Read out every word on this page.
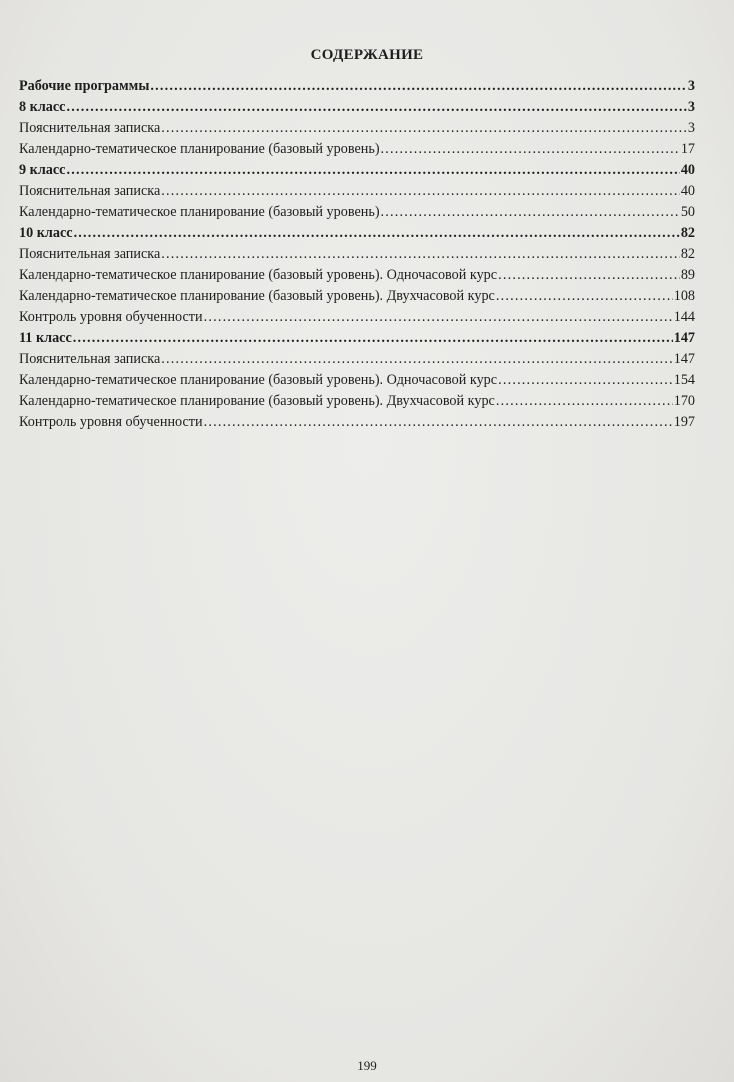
СОДЕРЖАНИЕ
Рабочие программы .....	3
8 класс .....	3
Пояснительная записка .....	3
Календарно-тематическое планирование (базовый уровень) .....	17
9 класс .....	40
Пояснительная записка .....	40
Календарно-тематическое планирование (базовый уровень) .....	50
10 класс .....	82
Пояснительная записка .....	82
Календарно-тематическое планирование (базовый уровень). Одночасовой курс .....	89
Календарно-тематическое планирование (базовый уровень). Двухчасовой курс .....	108
Контроль уровня обученности .....	144
11 класс .....	147
Пояснительная записка .....	147
Календарно-тематическое планирование (базовый уровень). Одночасовой курс .....	154
Календарно-тематическое планирование (базовый уровень). Двухчасовой курс .....	170
Контроль уровня обученности .....	197
199
